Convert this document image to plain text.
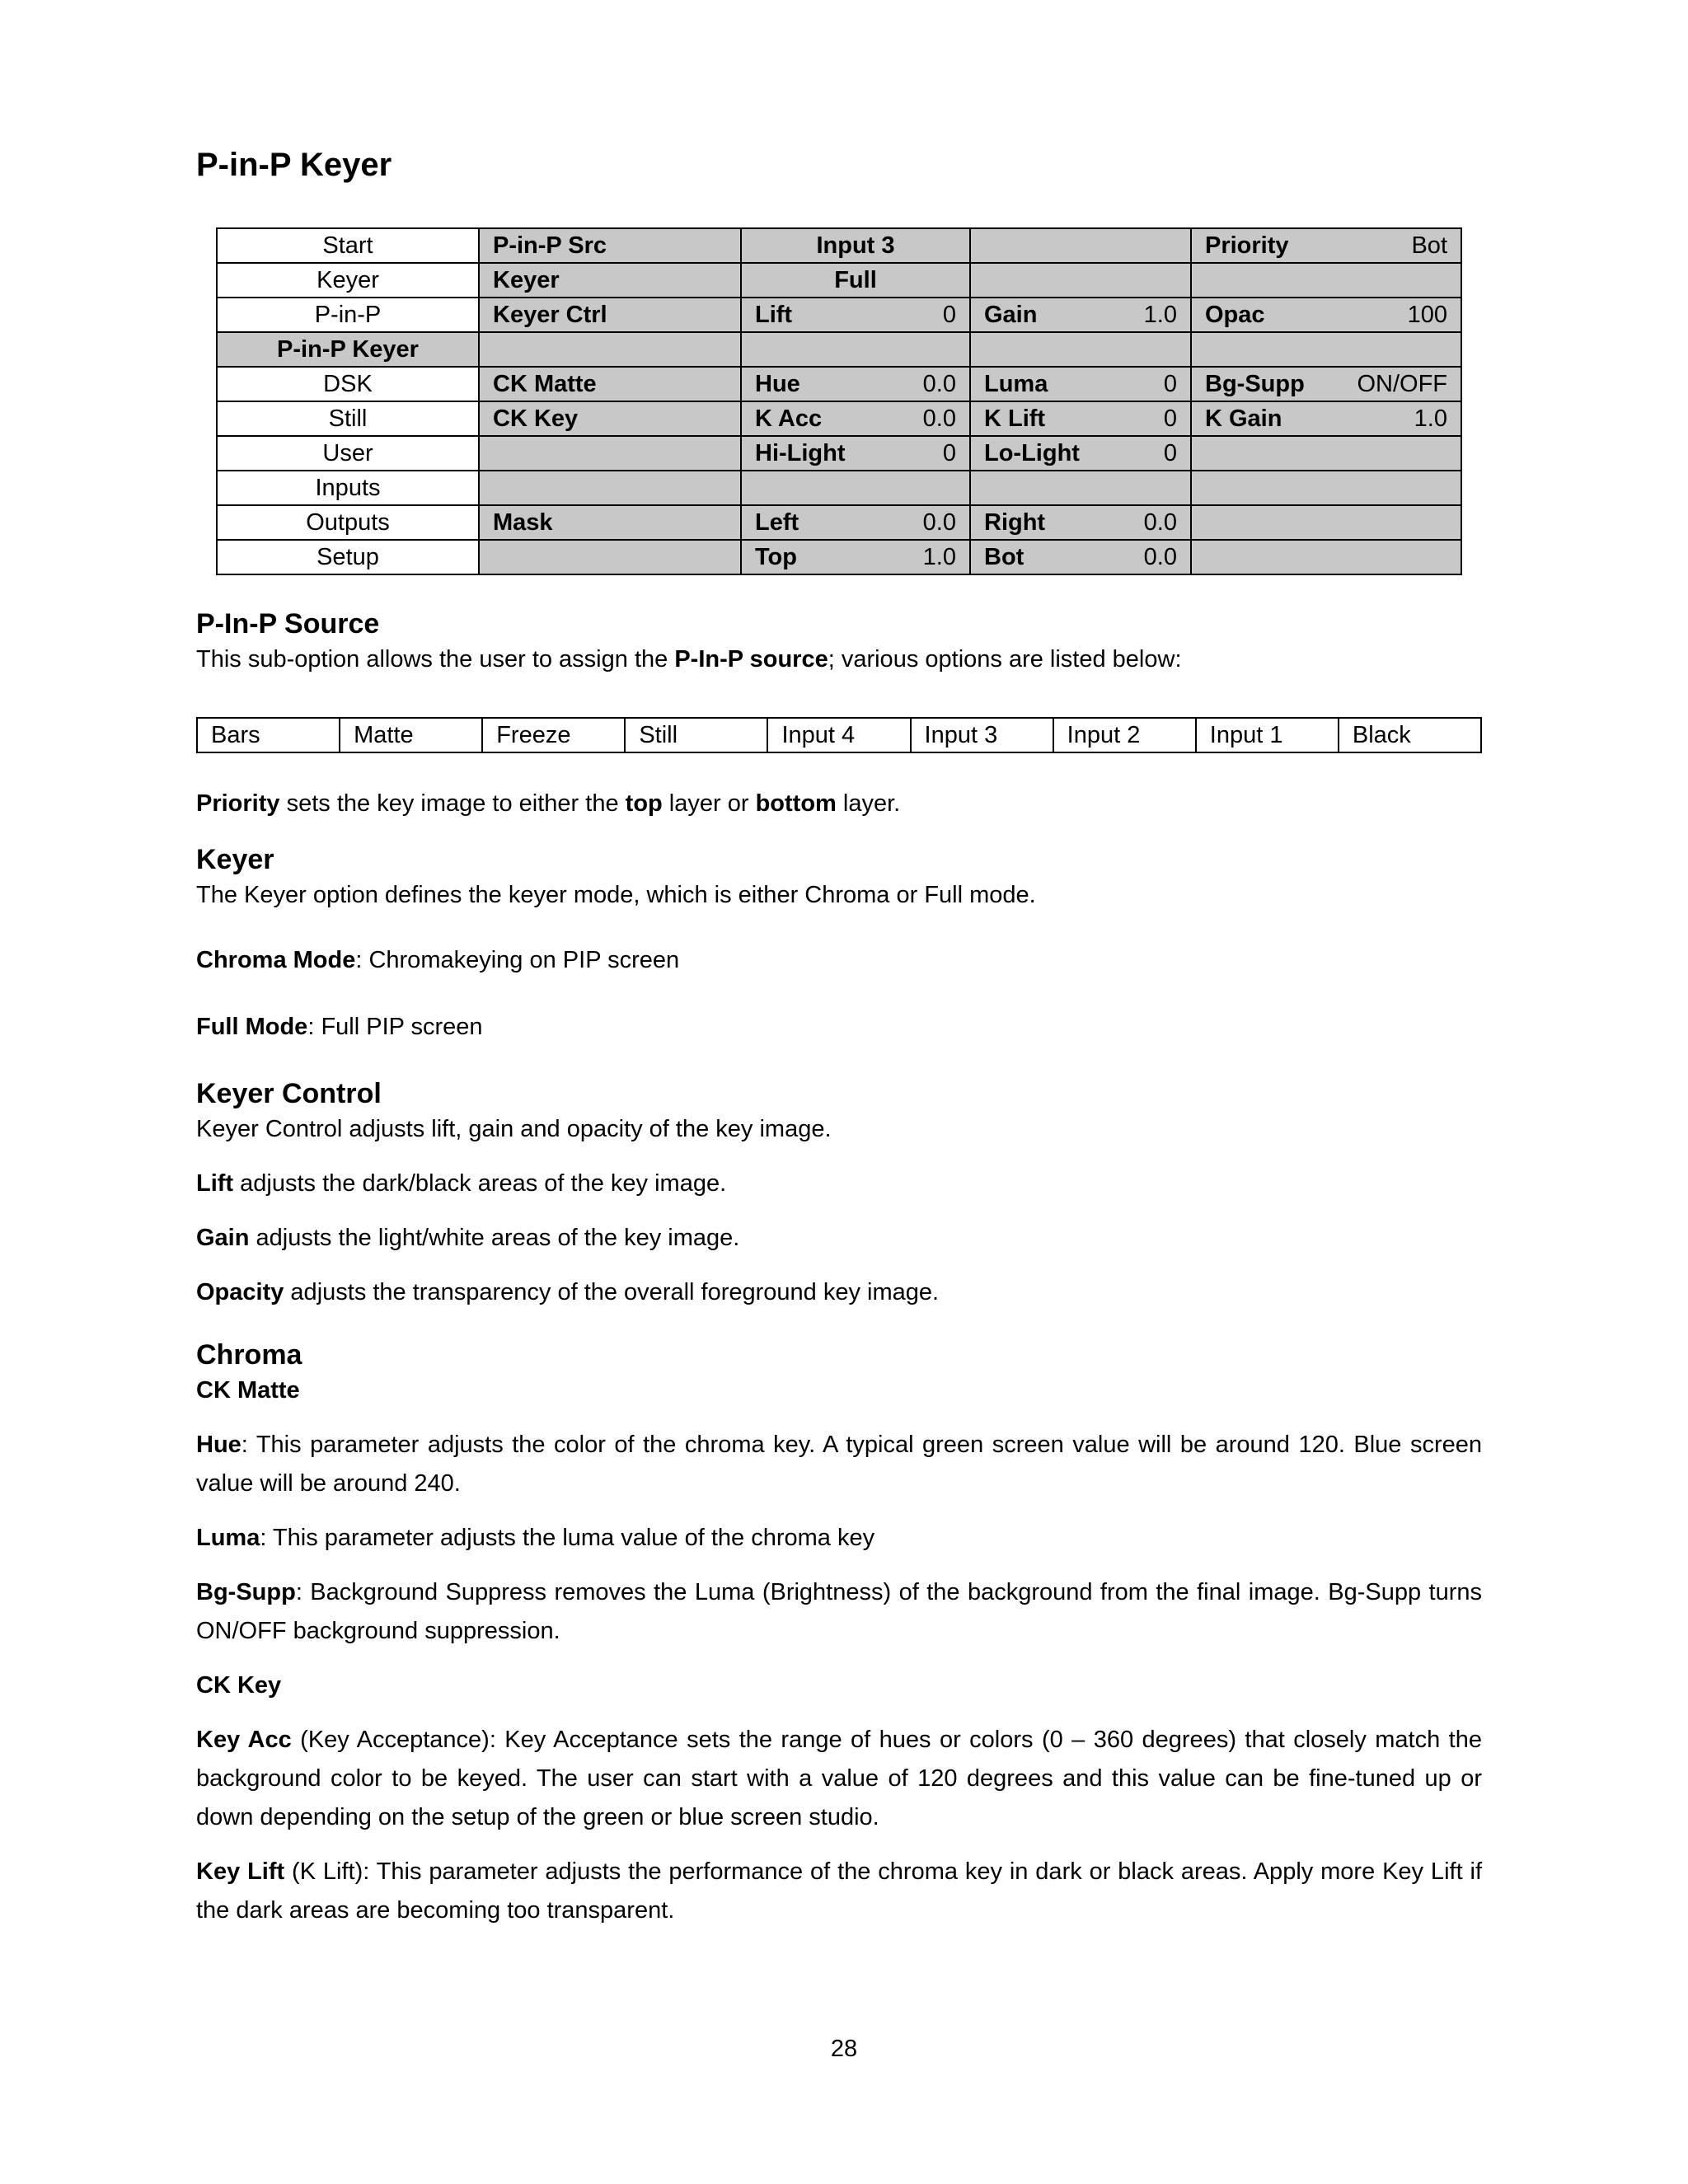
P-in-P Keyer
Start	P-in-P Src	Input 3		Priority Bot

Keyer	Keyer	Full	

P-in-P	Keyer Ctrl	Lift 0	Gain 1.0	Opac 100

P-in-P Keyer		

DSK	CK Matte	Hue 0.0	Luma 0	Bg-Supp ON/OFF

Still	CK Key	K Acc 0.0	K Lift 0	K Gain 1.0

User		Hi-Light 0	Lo-Light 0	

Inputs		

Outputs	Mask	Left 0.0	Right 0.0	

Setup		Top 1.0	Bot 0.0	

P-In-P Source

This sub-option allows the user to assign the P-In-P source; various options are listed below:

Bars	Matte	Freeze	Still	Input 4	Input 3	Input 2	Input 1	Black

Priority sets the key image to either the top layer or bottom layer.

Keyer

The Keyer option defines the keyer mode, which is either Chroma or Full mode.

Chroma Mode: Chromakeying on PIP screen

Full Mode: Full PIP screen

Keyer Control

Keyer Control adjusts lift, gain and opacity of the key image.

Lift adjusts the dark/black areas of the key image.

Gain adjusts the light/white areas of the key image.

Opacity adjusts the transparency of the overall foreground key image.

Chroma

CK Matte

Hue: This parameter adjusts the color of the chroma key. A typical green screen value will be around 120. Blue screen value will be around 240.

Luma: This parameter adjusts the luma value of the chroma key

Bg-Supp: Background Suppress removes the Luma (Brightness) of the background from the final image. Bg-Supp turns ON/OFF background suppression.

CK Key

Key Acc (Key Acceptance): Key Acceptance sets the range of hues or colors (0 – 360 degrees) that closely match the background color to be keyed. The user can start with a value of 120 degrees and this value can be fine-tuned up or down depending on the setup of the green or blue screen studio.

Key Lift (K Lift): This parameter adjusts the performance of the chroma key in dark or black areas. Apply more Key Lift if the dark areas are becoming too transparent.

28
